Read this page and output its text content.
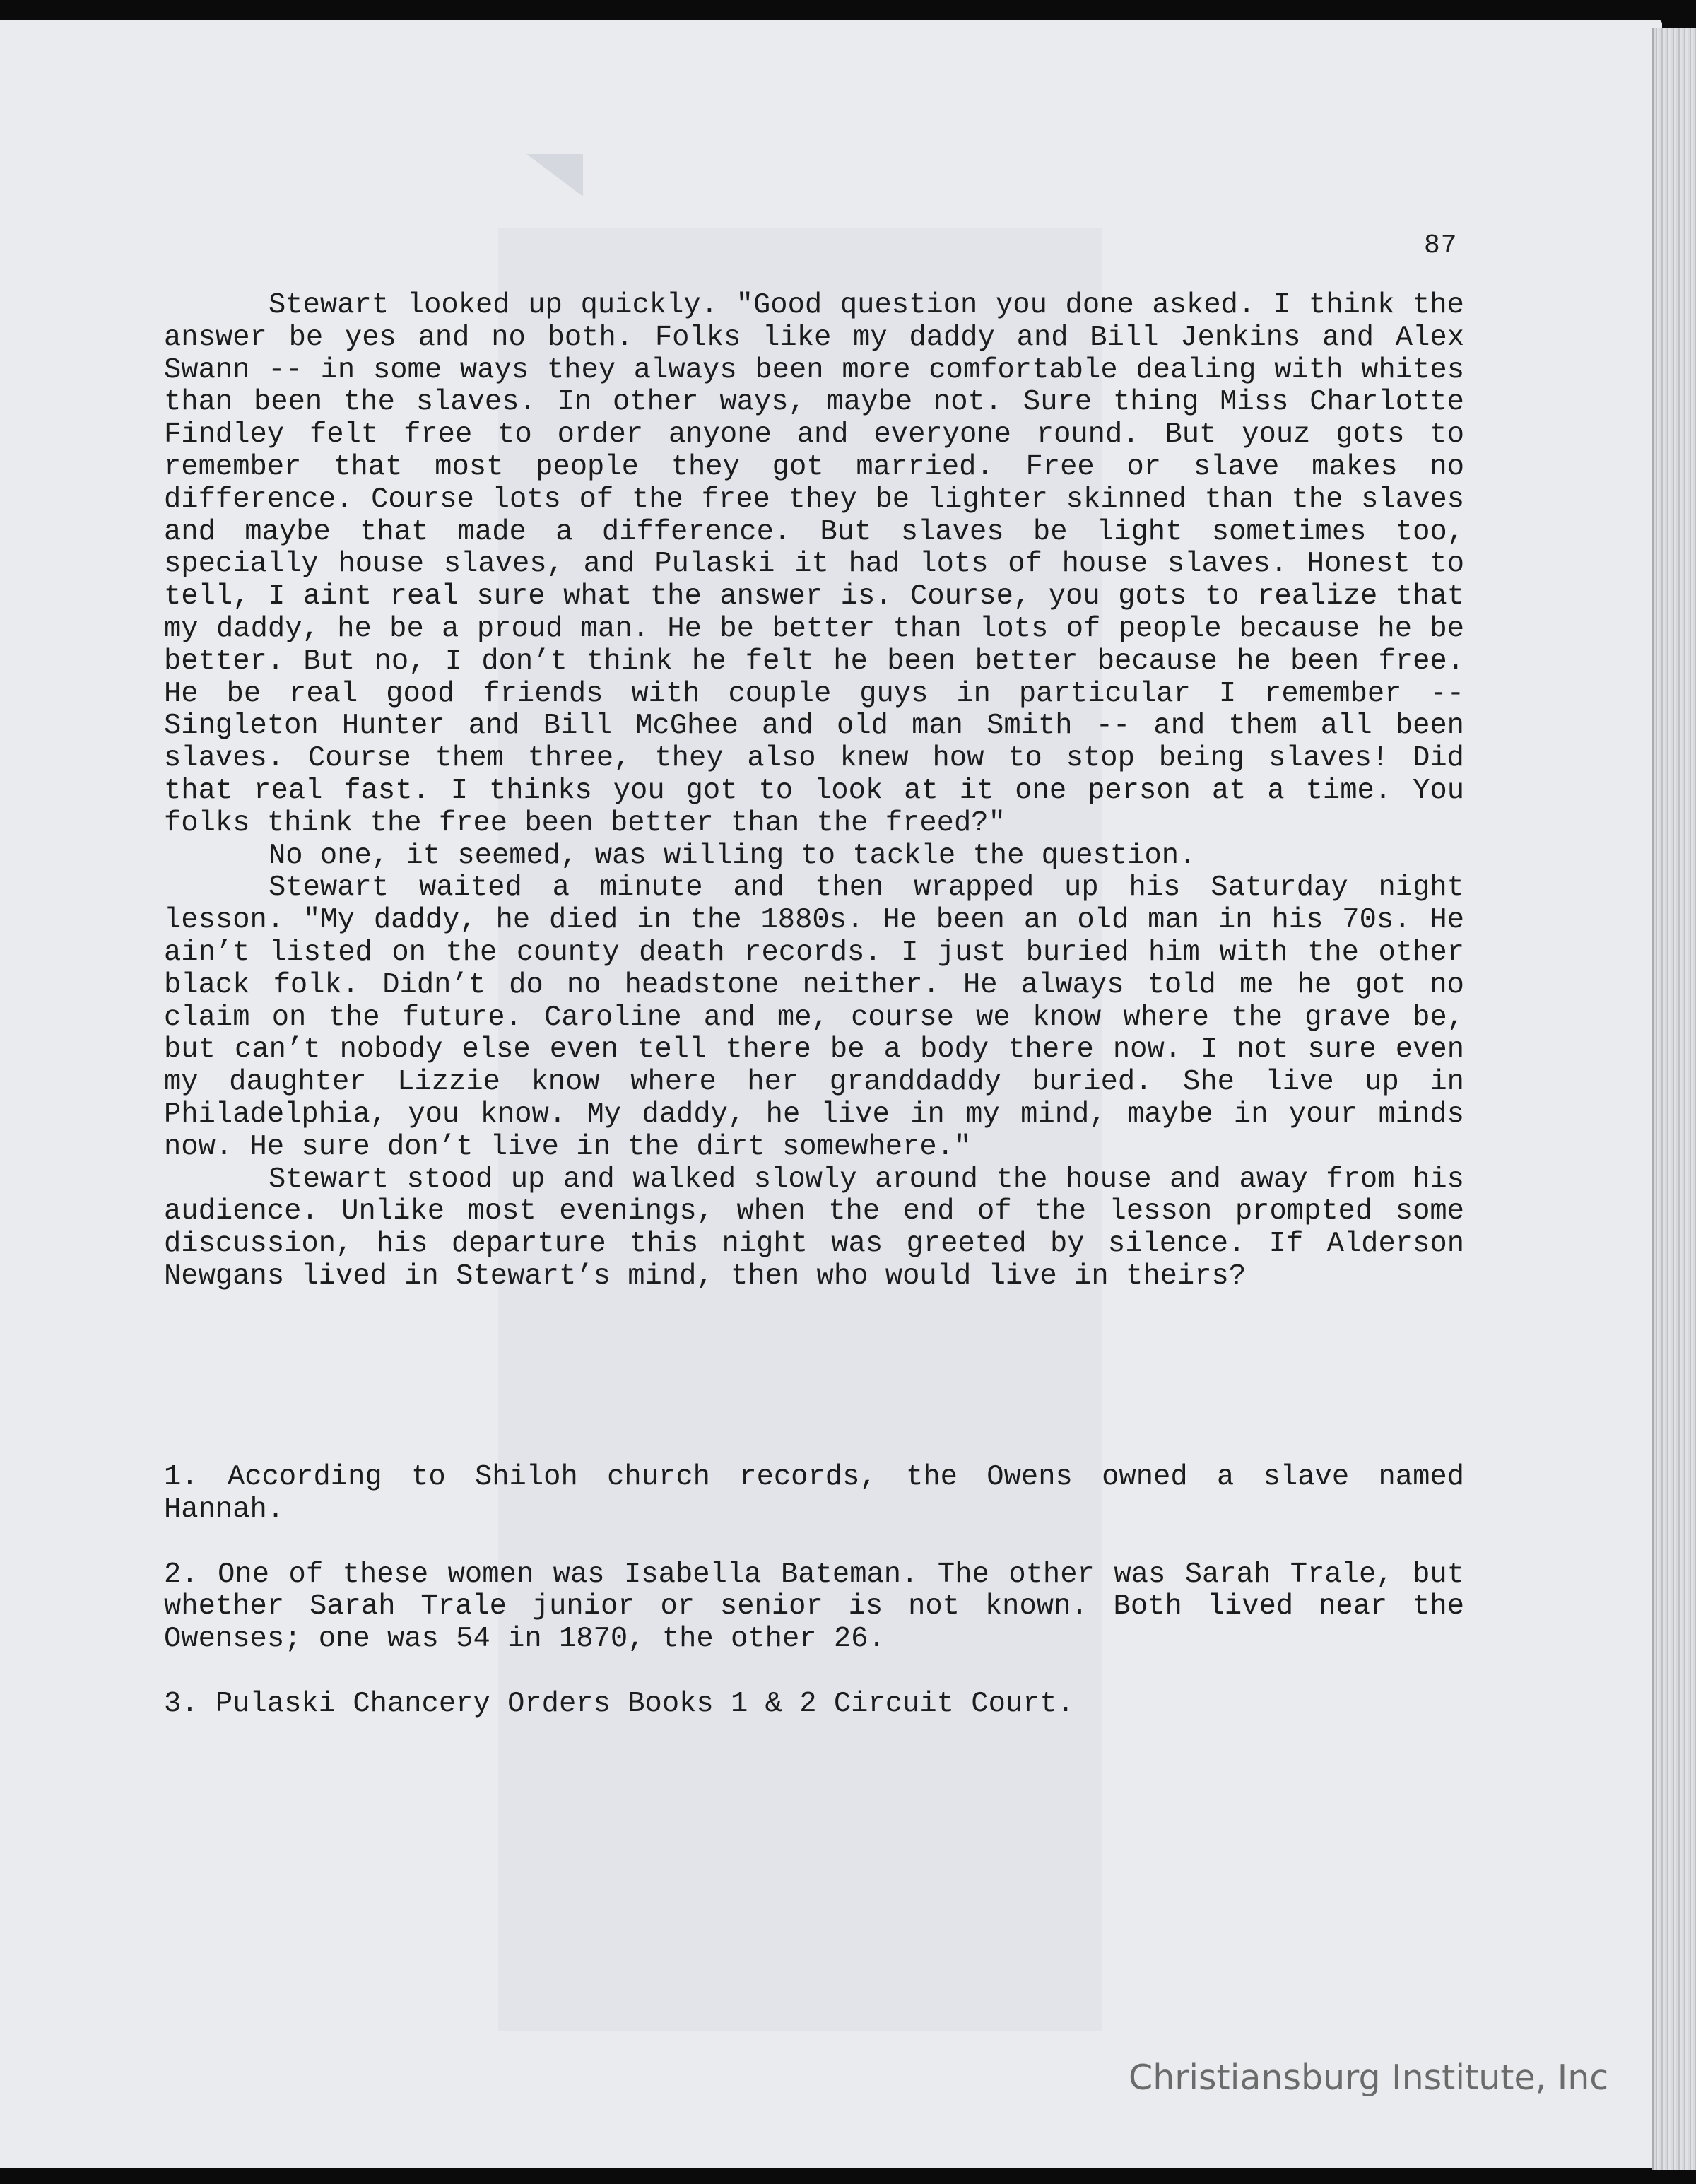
87

Stewart looked up quickly. "Good question you done asked. I think the answer be yes and no both. Folks like my daddy and Bill Jenkins and Alex Swann -- in some ways they always been more comfortable dealing with whites than been the slaves. In other ways, maybe not. Sure thing Miss Charlotte Findley felt free to order anyone and everyone round. But youz gots to remember that most people they got married. Free or slave makes no difference. Course lots of the free they be lighter skinned than the slaves and maybe that made a difference. But slaves be light sometimes too, specially house slaves, and Pulaski it had lots of house slaves. Honest to tell, I aint real sure what the answer is. Course, you gots to realize that my daddy, he be a proud man. He be better than lots of people because he be better. But no, I don’t think he felt he been better because he been free. He be real good friends with couple guys in particular I remember -- Singleton Hunter and Bill McGhee and old man Smith -- and them all been slaves. Course them three, they also knew how to stop being slaves! Did that real fast. I thinks you got to look at it one person at a time. You folks think the free been better than the freed?"

No one, it seemed, was willing to tackle the question.

Stewart waited a minute and then wrapped up his Saturday night lesson. "My daddy, he died in the 1880s. He been an old man in his 70s. He ain’t listed on the county death records. I just buried him with the other black folk. Didn’t do no headstone neither. He always told me he got no claim on the future. Caroline and me, course we know where the grave be, but can’t nobody else even tell there be a body there now. I not sure even my daughter Lizzie know where her granddaddy buried. She live up in Philadelphia, you know. My daddy, he live in my mind, maybe in your minds now. He sure don’t live in the dirt somewhere."

Stewart stood up and walked slowly around the house and away from his audience. Unlike most evenings, when the end of the lesson prompted some discussion, his departure this night was greeted by silence. If Alderson Newgans lived in Stewart’s mind, then who would live in theirs?

1. According to Shiloh church records, the Owens owned a slave named Hannah.

2. One of these women was Isabella Bateman. The other was Sarah Trale, but whether Sarah Trale junior or senior is not known. Both lived near the Owenses; one was 54 in 1870, the other 26.

3. Pulaski Chancery Orders Books 1 & 2 Circuit Court.

Christiansburg Institute, Inc
